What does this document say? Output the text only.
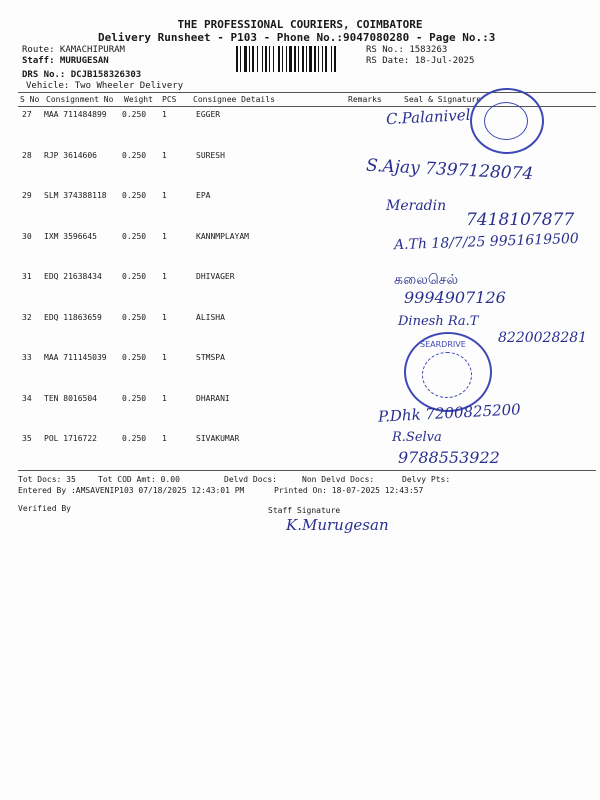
THE PROFESSIONAL COURIERS, COIMBATORE
Delivery Runsheet - P103 - Phone No.:9047080280 - Page No.:3
Route: KAMACHIPURAM
Staff: MURUGESAN
DRS No.: DCJB158326303
Vehicle: Two Wheeler Delivery
RS No.: 1583263
RS Date: 18-Jul-2025
S No Consignment No Weight PCS Consignee Details	Remarks	Seal & Signature
27 MAA 711484899 0.250 1	EGGER
28 RJP 3614606	0.250 1	SURESH
29 SLM 374388118 0.250 1	EPA
30 IXM 3596645	0.250 1	KANNMPLAYAM
31 EDQ 21638434	0.250 1	DHIVAGER
32 EDQ 11863659	0.250 1	ALISHA
33 MAA 711145039 0.250 1	STMSPA
34 TEN 8016504	0.250 1	DHARANI
35 POL 1716722	0.250 1	SIVAKUMAR
SEARDRIVE
C.Palanivel
S.Ajay 7397128074
Meradin
7418107877
A.Th 18/7/25 9951619500
கலைசெல்
9994907126
Dinesh Ra.T
8220028281
P.Dhk 7200825200
R.Selva
9788553922
Tot Docs: 35	Tot COD Amt: 0.00	Delvd Docs:	Non Delvd Docs:	Delvy Pts:
Entered By :AMSAVENIP103 07/18/2025 12:43:01 PM	Printed On: 18-07-2025 12:43:57
Verified By	Staff Signature
K.Murugesan
